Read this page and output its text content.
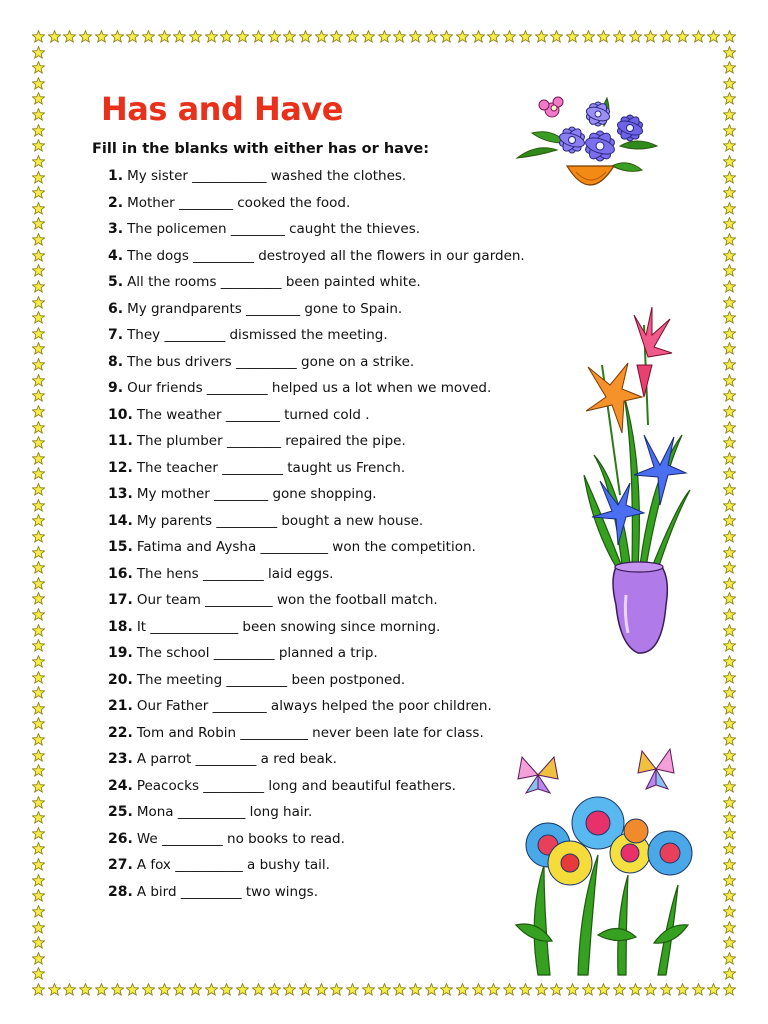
Has and Have

Fill in the blanks with either has or have:

1. My sister ___________ washed the clothes.
2. Mother ________ cooked the food.
3. The policemen ________ caught the thieves.
4. The dogs _________ destroyed all the flowers in our garden.
5. All the rooms _________ been painted white.
6. My grandparents ________ gone to Spain.
7. They _________ dismissed the meeting.
8. The bus drivers _________ gone on a strike.
9. Our friends _________ helped us a lot when we moved.
10. The weather ________ turned cold .
11. The plumber ________ repaired the pipe.
12. The teacher _________ taught us French.
13. My mother ________ gone shopping.
14. My parents _________ bought a new house.
15. Fatima and Aysha __________ won the competition.
16. The hens _________ laid eggs.
17. Our team __________ won the football match.
18. It _____________ been snowing since morning.
19. The school _________ planned a trip.
20. The meeting _________ been postponed.
21. Our Father ________ always helped the poor children.
22. Tom and Robin __________ never been late for class.
23. A parrot _________ a red beak.
24. Peacocks _________ long and beautiful feathers.
25. Mona __________ long hair.
26. We _________ no books to read.
27. A fox __________ a bushy tail.
28. A bird _________ two wings.
